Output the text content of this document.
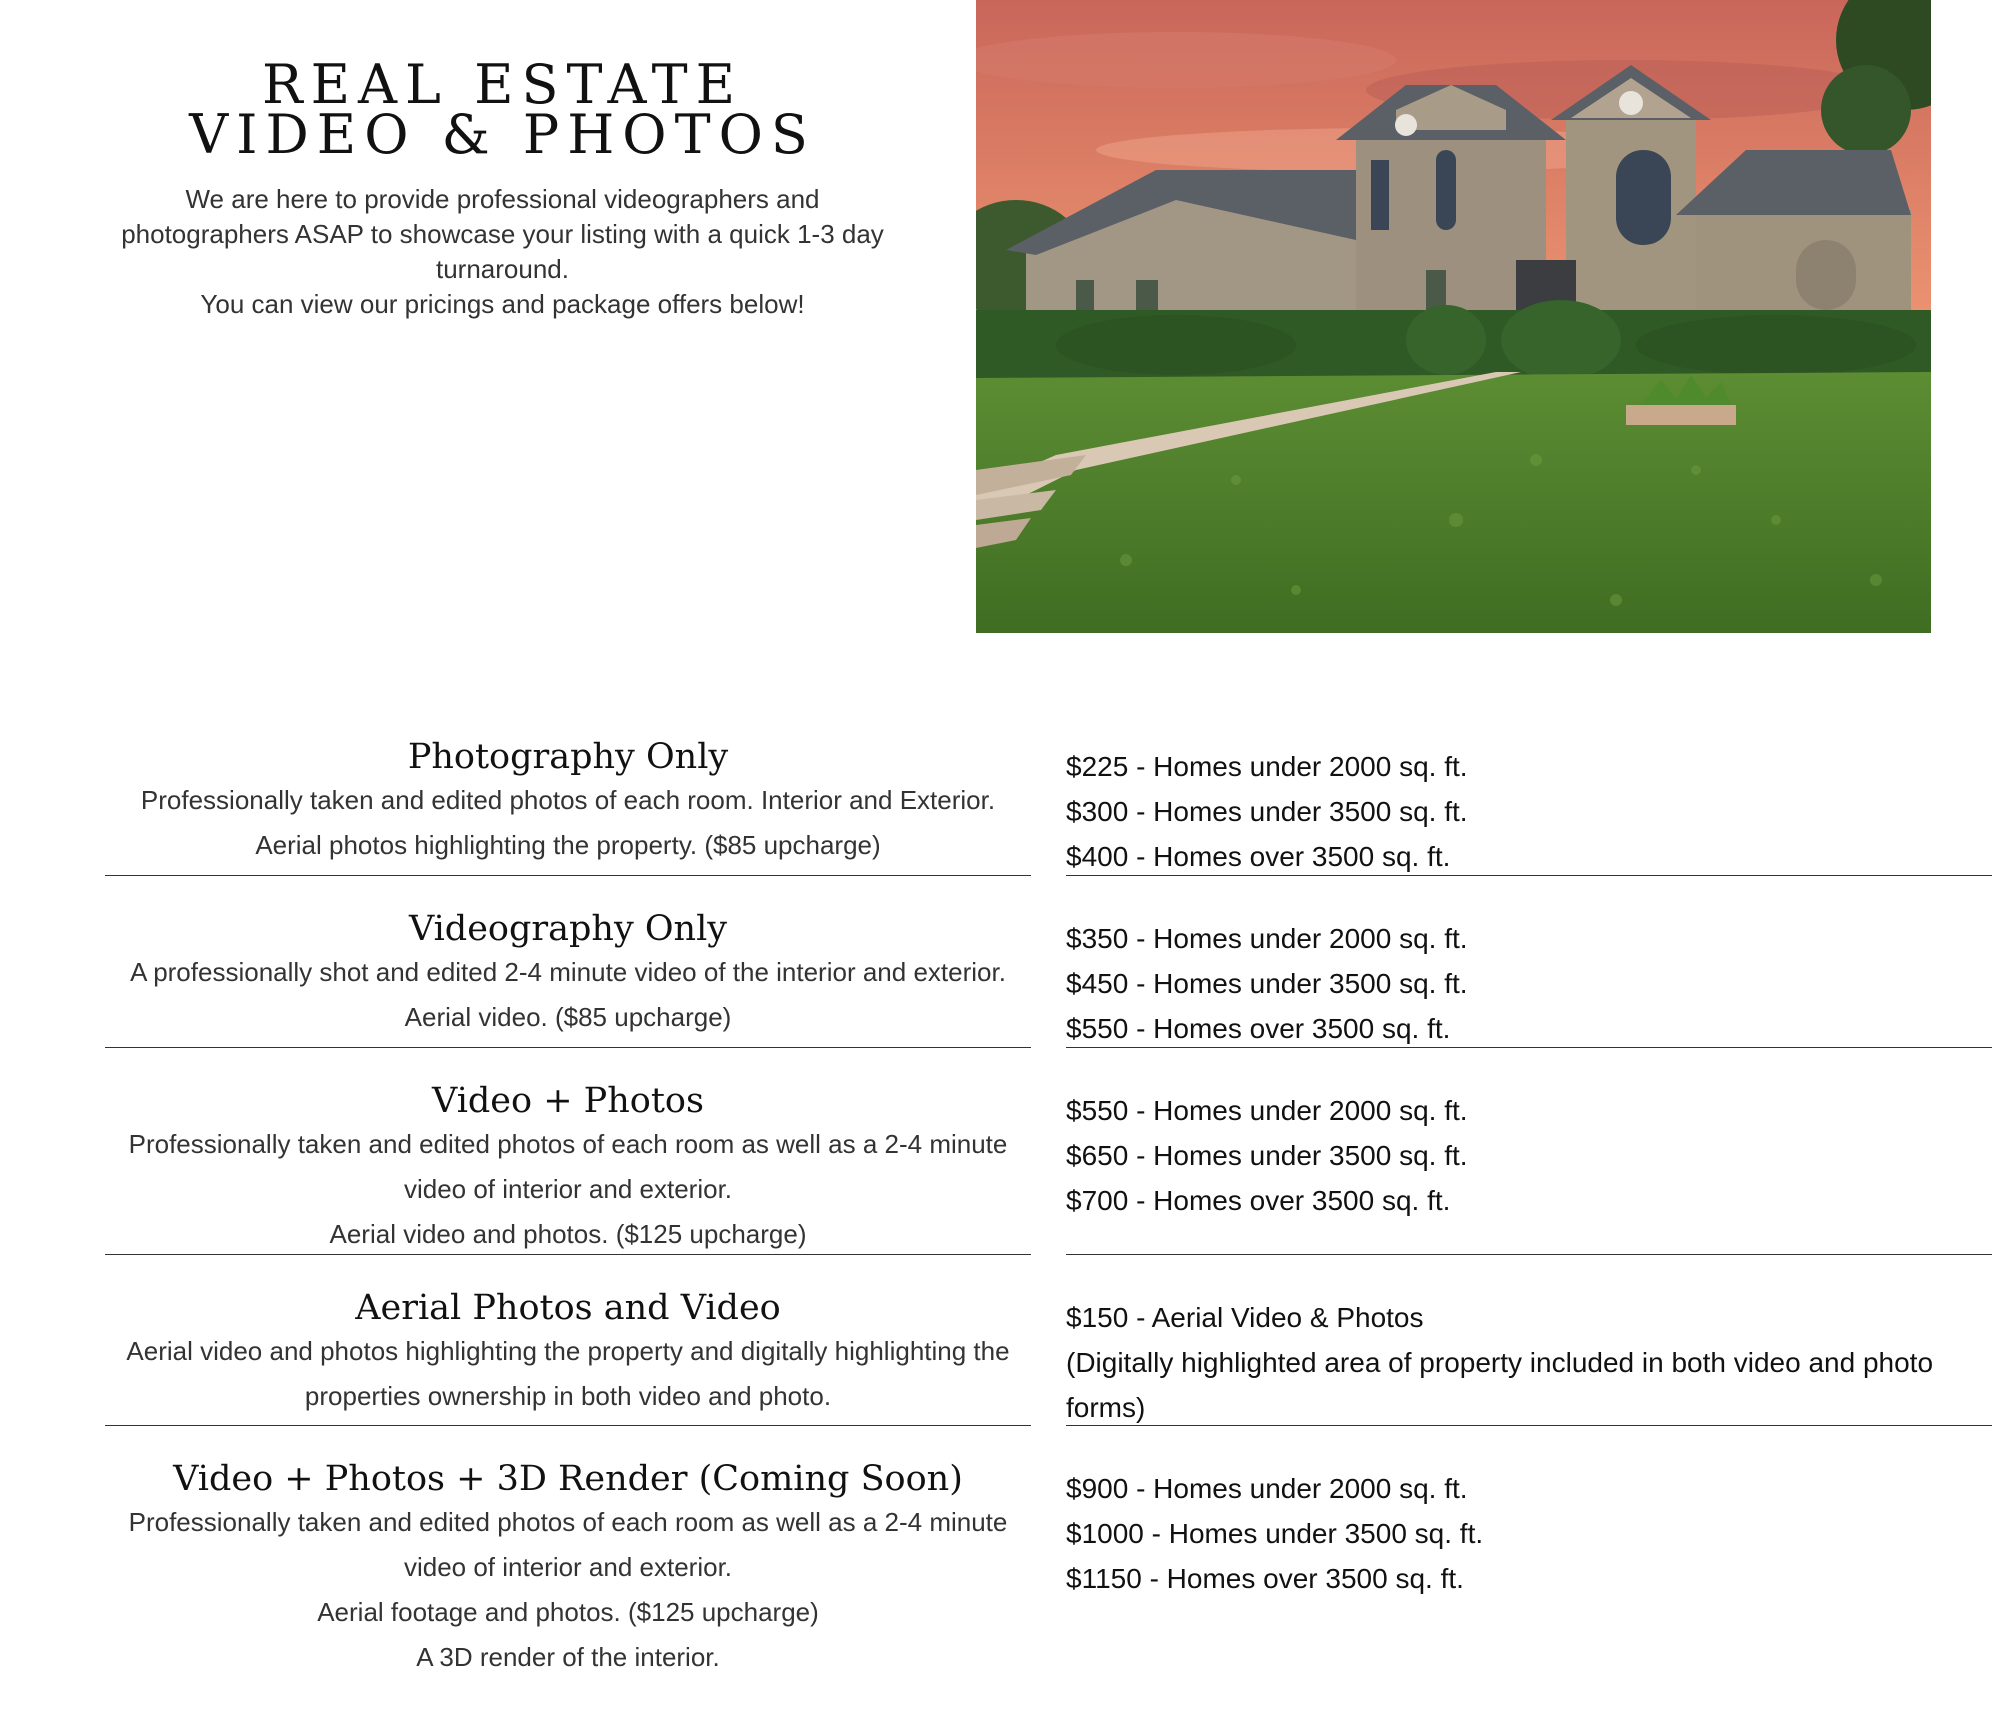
REAL ESTATE
VIDEO & PHOTOS

We are here to provide professional videographers and

photographers ASAP to showcase your listing with a quick 1-3 day

turnaround.

You can view our pricings and package offers below!

Photography Only
Professionally taken and edited photos of each room. Interior and Exterior.
Aerial photos highlighting the property. ($85 upcharge)
$225 - Homes under 2000 sq. ft.
$300 - Homes under 3500 sq. ft.
$400 - Homes over 3500 sq. ft.
Videography Only
A professionally shot and edited 2-4 minute video of the interior and exterior.
Aerial video. ($85 upcharge)
$350 - Homes under 2000 sq. ft.
$450 - Homes under 3500 sq. ft.
$550 - Homes over 3500 sq. ft.
Video + Photos
Professionally taken and edited photos of each room as well as a 2-4 minute
video of interior and exterior.
Aerial video and photos. ($125 upcharge)
$550 - Homes under 2000 sq. ft.
$650 - Homes under 3500 sq. ft.
$700 - Homes over 3500 sq. ft.
Aerial Photos and Video
Aerial video and photos highlighting the property and digitally highlighting the
properties ownership in both video and photo.
$150 - Aerial Video & Photos
(Digitally highlighted area of property included in both video and photo
forms)
Video + Photos + 3D Render (Coming Soon)
Professionally taken and edited photos of each room as well as a 2-4 minute
video of interior and exterior.
Aerial footage and photos. ($125 upcharge)
A 3D render of the interior.
$900 - Homes under 2000 sq. ft.
$1000 - Homes under 3500 sq. ft.
$1150 - Homes over 3500 sq. ft.
